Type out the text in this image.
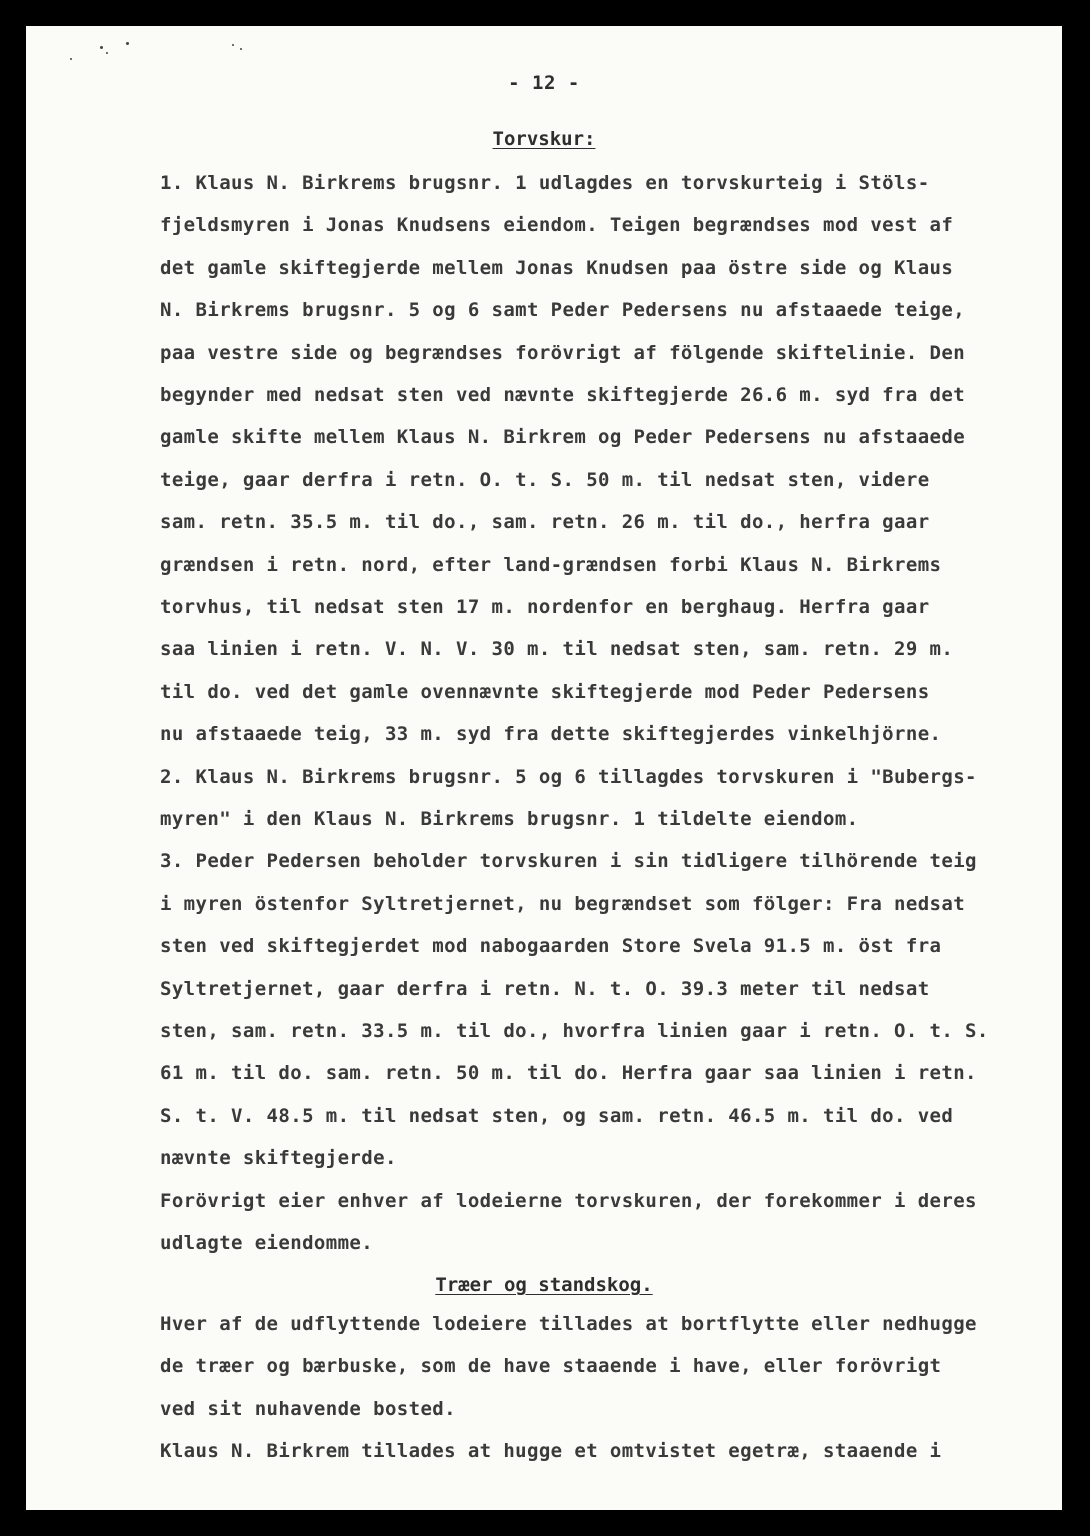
- 12 -
Torvskur:
1. Klaus N. Birkrems brugsnr. 1 udlagdes en torvskurteig i Stöls-
fjeldsmyren i Jonas Knudsens eiendom. Teigen begrændses mod vest af
det gamle skiftegjerde mellem Jonas Knudsen paa östre side og Klaus
N. Birkrems brugsnr. 5 og 6 samt Peder Pedersens nu afstaaede teige,
paa vestre side og begrændses forövrigt af fölgende skiftelinie. Den
begynder med nedsat sten ved nævnte skiftegjerde 26.6 m. syd fra det
gamle skifte mellem Klaus N. Birkrem og Peder Pedersens nu afstaaede
teige, gaar derfra i retn. O. t. S. 50 m. til nedsat sten, videre
sam. retn. 35.5 m. til do., sam. retn. 26 m. til do., herfra gaar
grændsen i retn. nord, efter land-grændsen forbi Klaus N. Birkrems
torvhus, til nedsat sten 17 m. nordenfor en berghaug. Herfra gaar
saa linien i retn. V. N. V. 30 m. til nedsat sten, sam. retn. 29 m.
til do. ved det gamle ovennævnte skiftegjerde mod Peder Pedersens
nu afstaaede teig, 33 m. syd fra dette skiftegjerdes vinkelhjörne.
2. Klaus N. Birkrems brugsnr. 5 og 6 tillagdes torvskuren i "Bubergs-
myren" i den Klaus N. Birkrems brugsnr. 1 tildelte eiendom.
3. Peder Pedersen beholder torvskuren i sin tidligere tilhörende teig
i myren östenfor Syltretjernet, nu begrændset som fölger: Fra nedsat
sten ved skiftegjerdet mod nabogaarden Store Svela 91.5 m. öst fra
Syltretjernet, gaar derfra i retn. N. t. O. 39.3 meter til nedsat
sten, sam. retn. 33.5 m. til do., hvorfra linien gaar i retn. O. t. S.
61 m. til do. sam. retn. 50 m. til do. Herfra gaar saa linien i retn.
S. t. V. 48.5 m. til nedsat sten, og sam. retn. 46.5 m. til do. ved
nævnte skiftegjerde.
Forövrigt eier enhver af lodeierne torvskuren, der forekommer i deres
udlagte eiendomme.
Træer og standskog.
Hver af de udflyttende lodeiere tillades at bortflytte eller nedhugge
de træer og bærbuske, som de have staaende i have, eller forövrigt
ved sit nuhavende bosted.
Klaus N. Birkrem tillades at hugge et omtvistet egetræ, staaende i
